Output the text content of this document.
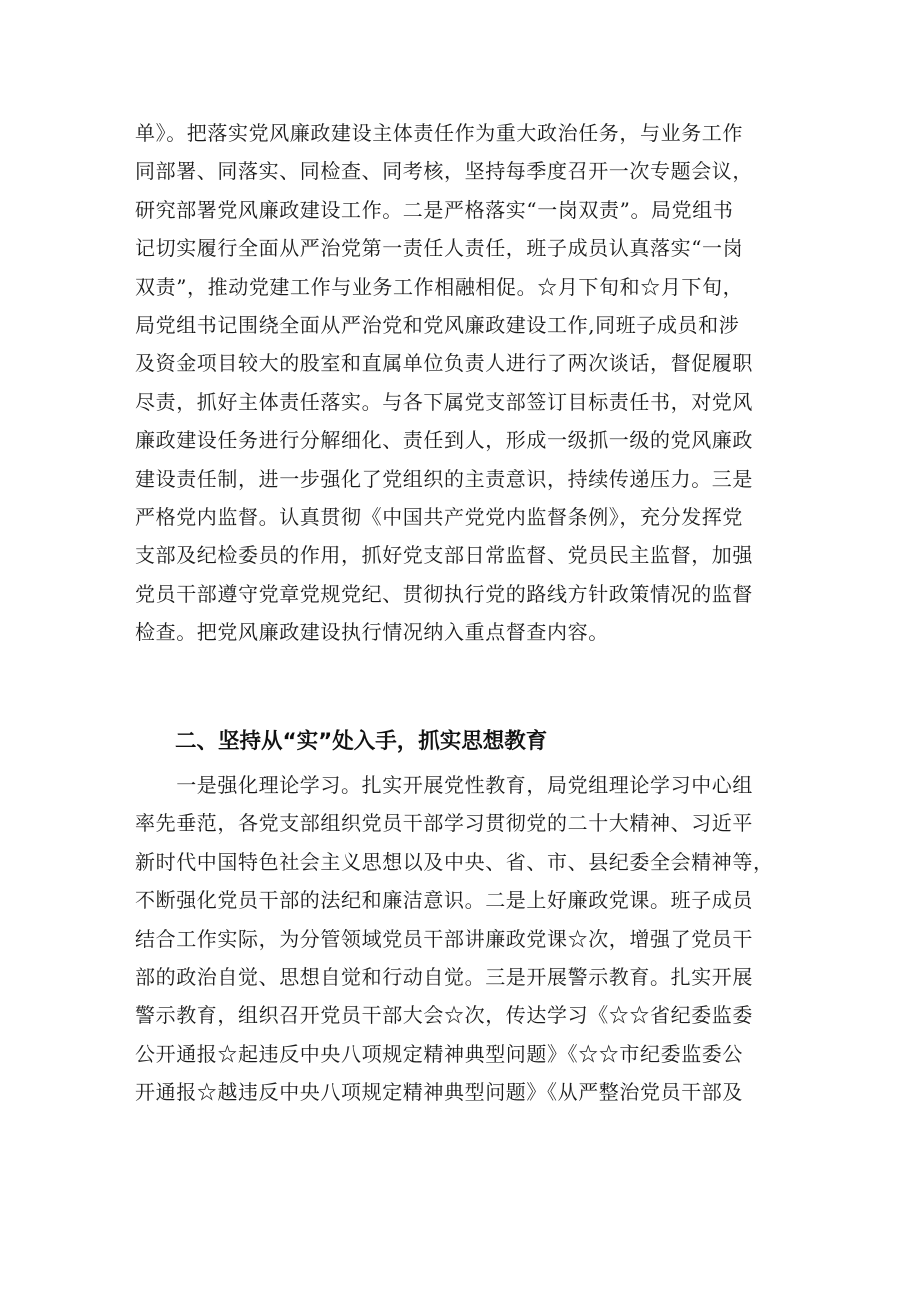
单》。把落实党风廉政建设主体责任作为重大政治任务，与业务工作
同部署、同落实、同检查、同考核，坚持每季度召开一次专题会议，
研究部署党风廉政建设工作。二是严格落实“一岗双责”。局党组书
记切实履行全面从严治党第一责任人责任，班子成员认真落实“一岗
双责”，推动党建工作与业务工作相融相促。☆月下旬和☆月下旬，
局党组书记围绕全面从严治党和党风廉政建设工作,同班子成员和涉
及资金项目较大的股室和直属单位负责人进行了两次谈话，督促履职
尽责，抓好主体责任落实。与各下属党支部签订目标责任书，对党风
廉政建设任务进行分解细化、责任到人，形成一级抓一级的党风廉政
建设责任制，进一步强化了党组织的主责意识，持续传递压力。三是
严格党内监督。认真贯彻《中国共产党党内监督条例》，充分发挥党
支部及纪检委员的作用，抓好党支部日常监督、党员民主监督，加强
党员干部遵守党章党规党纪、贯彻执行党的路线方针政策情况的监督
检查。把党风廉政建设执行情况纳入重点督查内容。
二、坚持从“实”处入手，抓实思想教育
　　一是强化理论学习。扎实开展党性教育，局党组理论学习中心组
率先垂范，各党支部组织党员干部学习贯彻党的二十大精神、习近平
新时代中国特色社会主义思想以及中央、省、市、县纪委全会精神等，
不断强化党员干部的法纪和廉洁意识。二是上好廉政党课。班子成员
结合工作实际，为分管领域党员干部讲廉政党课☆次，增强了党员干
部的政治自觉、思想自觉和行动自觉。三是开展警示教育。扎实开展
警示教育，组织召开党员干部大会☆次，传达学习《☆☆省纪委监委
公开通报☆起违反中央八项规定精神典型问题》《☆☆市纪委监委公
开通报☆越违反中央八项规定精神典型问题》《从严整治党员干部及
